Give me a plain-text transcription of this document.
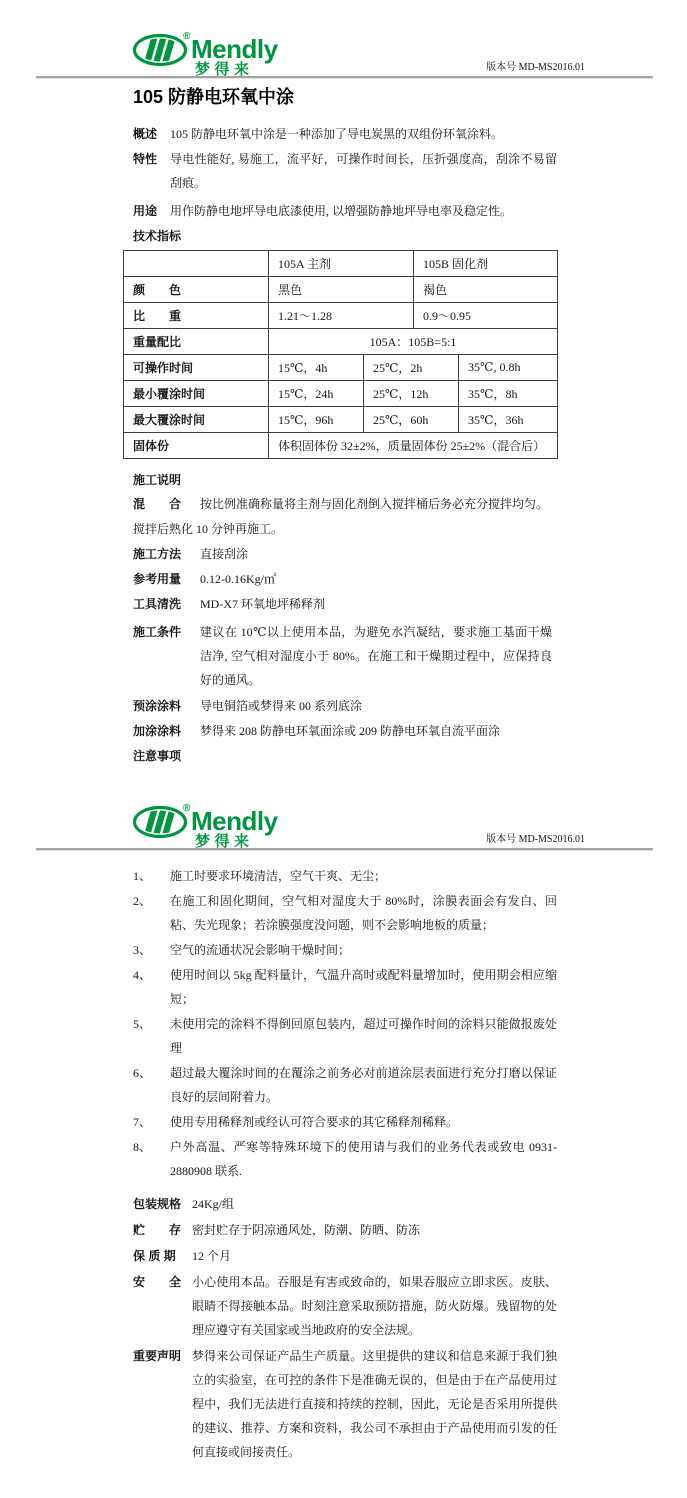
® Mendly
梦得来	版本号 MD-MS2016.01
105 防静电环氧中涂
概述	105 防静电环氧中涂是一种添加了导电炭黑的双组份环氧涂料。
特性	导电性能好, 易施工，流平好，可操作时间长，压折强度高，刮涂不易留刮痕。
用途	用作防静电地坪导电底漆使用, 以增强防静地坪导电率及稳定性。
技术指标
	105A 主剂		105B 固化剂	
颜　　色	黑色		褐色	
比　　重	1.21～1.28		0.9～0.95	
重量配比	105A：105B=5:1			
可操作时间	15℃，4h	25℃，2h		35℃, 0.8h
最小覆涂时间	15℃，24h	25℃，12h		35℃，8h
最大覆涂时间	15℃，96h	25℃，60h		35℃，36h
固体份	体积固体份 32±2%，质量固体份 25±2%（混合后）			
施工说明
混　　合	按比例准确称量将主剂与固化剂倒入搅拌桶后务必充分搅拌均匀。
搅拌后熟化 10 分钟再施工。
施工方法	直接刮涂
参考用量	0.12-0.16Kg/㎡
工具清洗	MD-X7 环氧地坪稀释剂
施工条件	建议在 10℃以上使用本品，为避免水汽凝结，要求施工基面干燥洁净, 空气相对湿度小于 80%。在施工和干燥期过程中，应保持良好的通风。
预涂涂料	导电铜箔或梦得来 00 系列底涂
加涂涂料	梦得来 208 防静电环氧面涂或 209 防静电环氧自流平面涂
注意事项
® Mendly
梦得来	版本号 MD-MS2016.01
1、	施工时要求环境清洁，空气干爽、无尘；
2、	在施工和固化期间，空气相对湿度大于 80%时，涂膜表面会有发白、回粘、失光现象；若涂膜强度没问题，则不会影响地板的质量；
3、	空气的流通状况会影响干燥时间；
4、	使用时间以 5kg 配料量计，气温升高时或配料量增加时，使用期会相应缩短；
5、	未使用完的涂料不得倒回原包装内，超过可操作时间的涂料只能做报废处理
6、	超过最大覆涂时间的在覆涂之前务必对前道涂层表面进行充分打磨以保证良好的层间附着力。
7、	使用专用稀释剂或经认可符合要求的其它稀释剂稀释。
8、	户外高温、严寒等特殊环境下的使用请与我们的业务代表或致电 0931-2880908 联系.
包装规格 24Kg/组
贮　　存 密封贮存于阴凉通风处，防潮、防晒、防冻
保 质 期	12 个月
安　　全 小心使用本品。吞服是有害或致命的，如果吞服应立即求医。皮肤、眼睛不得接触本品。时刻注意采取预防措施，防火防爆。残留物的处理应遵守有关国家或当地政府的安全法规。
重要声明 梦得来公司保证产品生产质量。这里提供的建议和信息来源于我们独立的实验室，在可控的条件下是准确无误的，但是由于在产品使用过程中，我们无法进行直接和持续的控制，因此，无论是否采用所提供的建议、推荐、方案和资料，我公司不承担由于产品使用而引发的任何直接或间接责任。
